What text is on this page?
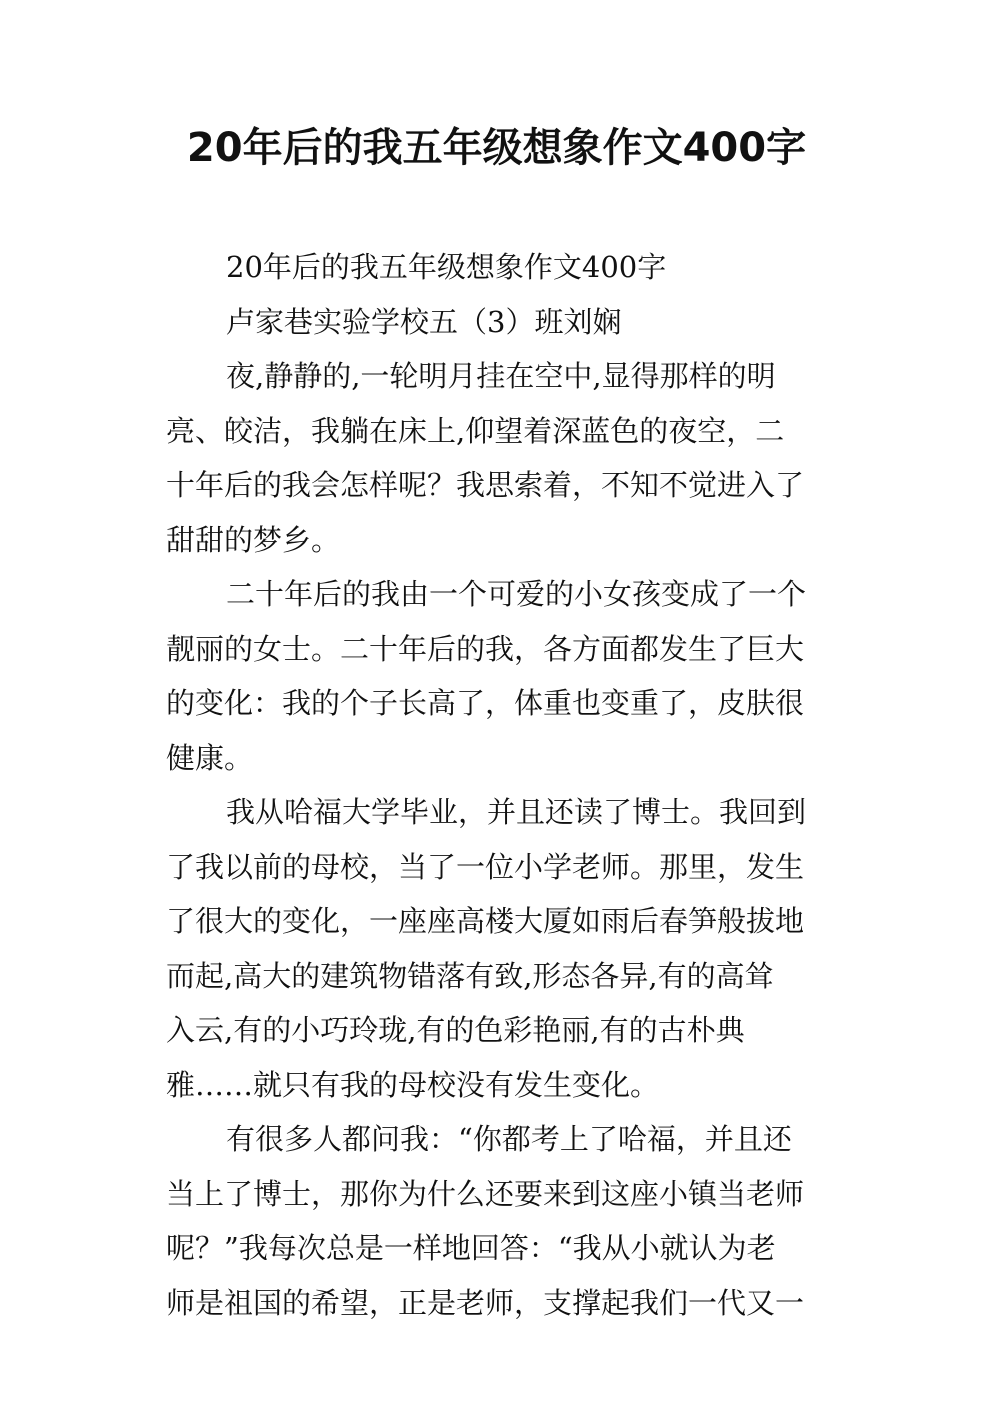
20年后的我五年级想象作文400字

20年后的我五年级想象作文400字

卢家巷实验学校五（3）班刘娴

夜,静静的,一轮明月挂在空中,显得那样的明

亮、皎洁，我躺在床上,仰望着深蓝色的夜空，二

十年后的我会怎样呢？我思索着，不知不觉进入了

甜甜的梦乡。

二十年后的我由一个可爱的小女孩变成了一个

靓丽的女士。二十年后的我，各方面都发生了巨大

的变化：我的个子长高了，体重也变重了，皮肤很

健康。

我从哈福大学毕业，并且还读了博士。我回到

了我以前的母校，当了一位小学老师。那里，发生

了很大的变化，一座座高楼大厦如雨后春笋般拔地

而起,高大的建筑物错落有致,形态各异,有的高耸

入云,有的小巧玲珑,有的色彩艳丽,有的古朴典

雅……就只有我的母校没有发生变化。

有很多人都问我：“你都考上了哈福，并且还

当上了博士，那你为什么还要来到这座小镇当老师

呢？”我每次总是一样地回答：“我从小就认为老

师是祖国的希望，正是老师，支撑起我们一代又一
